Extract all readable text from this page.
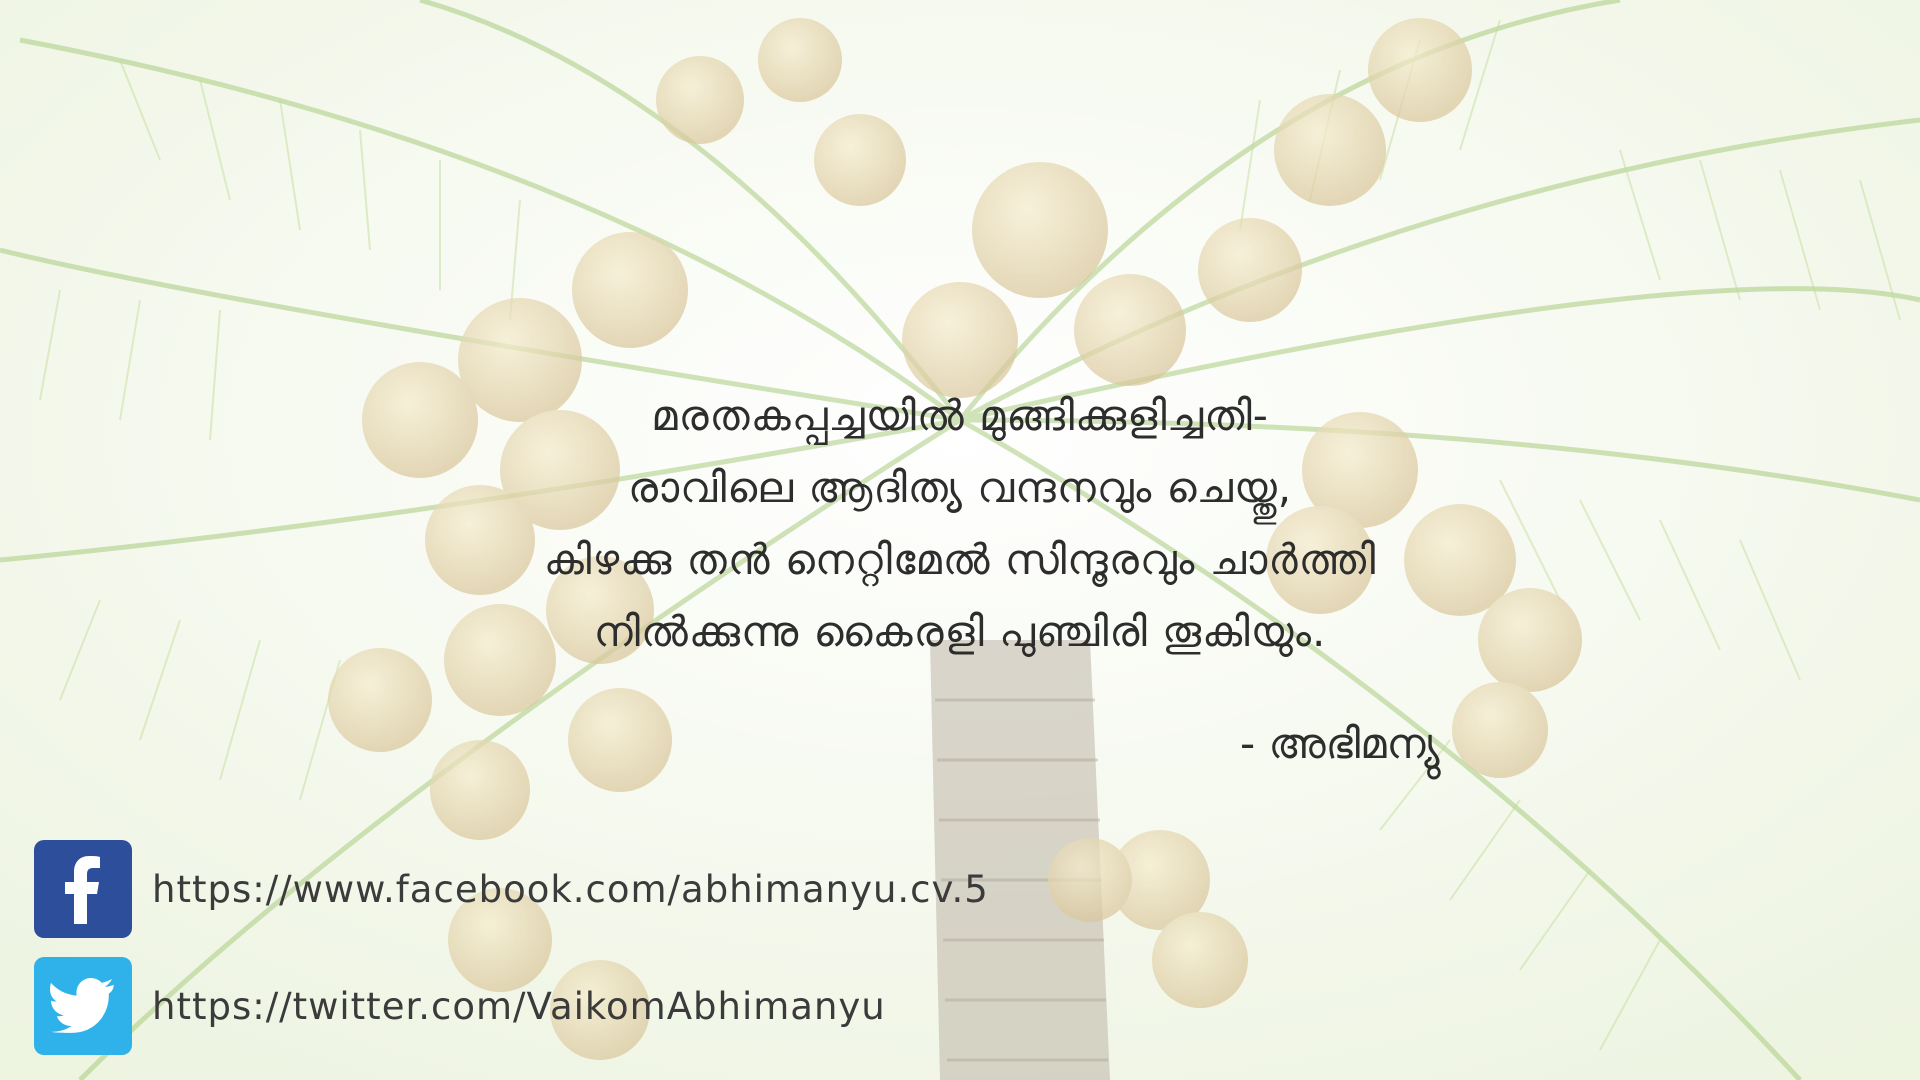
മരതകപ്പച്ചയിൽ മുങ്ങിക്കുളിച്ചതി-
രാവിലെ ആദിത്യ വന്ദനവും ചെയ്തു,
കിഴക്കു തൻ നെറ്റിമേൽ സിന്ദൂരവും ചാർത്തി
നിൽക്കുന്നു കൈരളി പുഞ്ചിരി തൂകിയും.
- അഭിമന്യു
https://www.facebook.com/abhimanyu.cv.5
https://twitter.com/VaikomAbhimanyu
